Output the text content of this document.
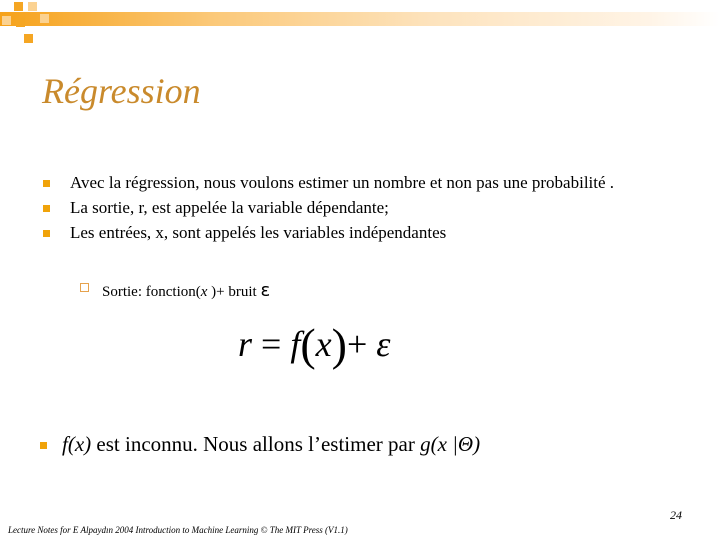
Régression
Avec la régression, nous voulons estimer un nombre et non pas une probabilité .
La sortie, r, est appelée la variable dépendante;
Les entrées, x, sont appelés les variables indépendantes
Sortie: fonction(x )+ bruit ε
r = f(x)+ ε
f(x) est inconnu. Nous allons l’estimer par g(x |Θ)
24
Lecture Notes for E Alpaydın 2004 Introduction to Machine Learning © The MIT Press (V1.1)
